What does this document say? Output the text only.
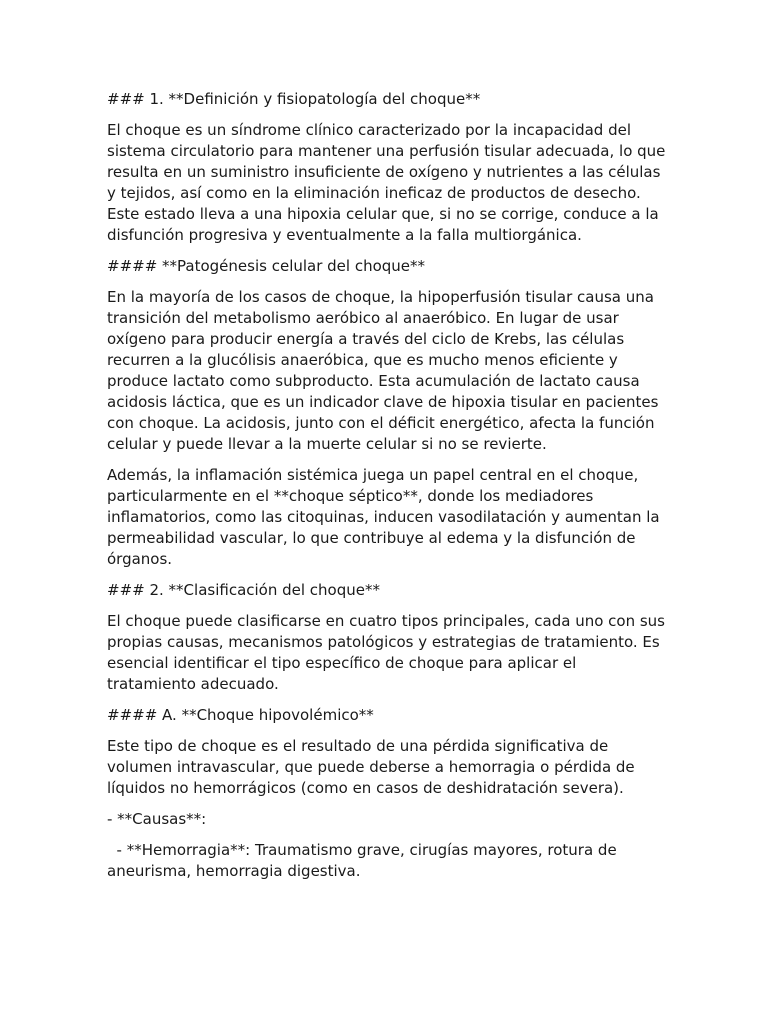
### 1. **Definición y fisiopatología del choque**

El choque es un síndrome clínico caracterizado por la incapacidad del sistema circulatorio para mantener una perfusión tisular adecuada, lo que resulta en un suministro insuficiente de oxígeno y nutrientes a las células y tejidos, así como en la eliminación ineficaz de productos de desecho. Este estado lleva a una hipoxia celular que, si no se corrige, conduce a la disfunción progresiva y eventualmente a la falla multiorgánica.

#### **Patogénesis celular del choque**

En la mayoría de los casos de choque, la hipoperfusión tisular causa una transición del metabolismo aeróbico al anaeróbico. En lugar de usar oxígeno para producir energía a través del ciclo de Krebs, las células recurren a la glucólisis anaeróbica, que es mucho menos eficiente y produce lactato como subproducto. Esta acumulación de lactato causa acidosis láctica, que es un indicador clave de hipoxia tisular en pacientes con choque. La acidosis, junto con el déficit energético, afecta la función celular y puede llevar a la muerte celular si no se revierte.

Además, la inflamación sistémica juega un papel central en el choque, particularmente en el **choque séptico**, donde los mediadores inflamatorios, como las citoquinas, inducen vasodilatación y aumentan la permeabilidad vascular, lo que contribuye al edema y la disfunción de órganos.

### 2. **Clasificación del choque**

El choque puede clasificarse en cuatro tipos principales, cada uno con sus propias causas, mecanismos patológicos y estrategias de tratamiento. Es esencial identificar el tipo específico de choque para aplicar el tratamiento adecuado.

#### A. **Choque hipovolémico**

Este tipo de choque es el resultado de una pérdida significativa de volumen intravascular, que puede deberse a hemorragia o pérdida de líquidos no hemorrágicos (como en casos de deshidratación severa).

- **Causas**:

- **Hemorragia**: Traumatismo grave, cirugías mayores, rotura de aneurisma, hemorragia digestiva.
